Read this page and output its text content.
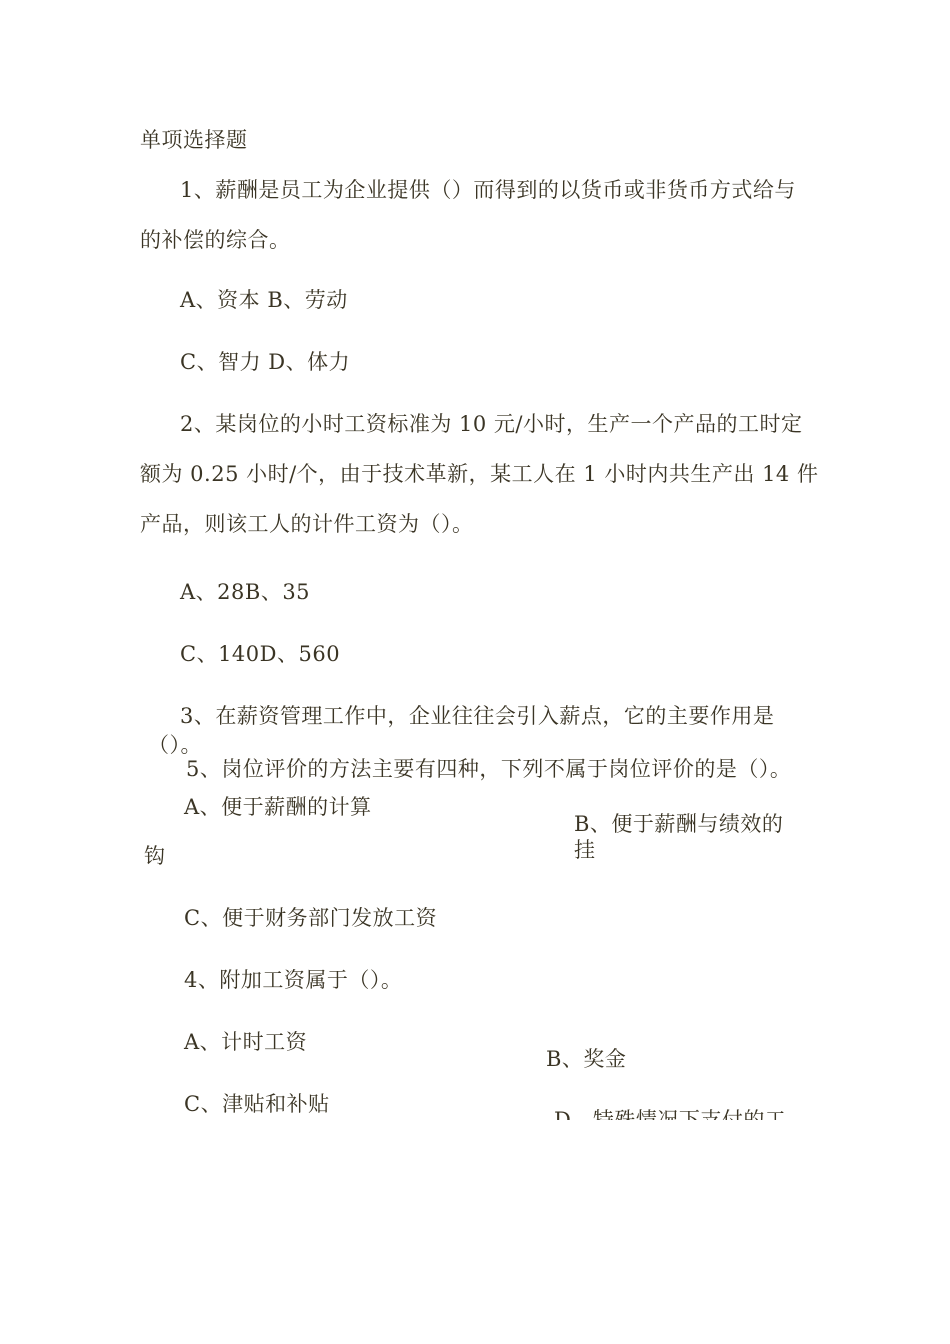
单项选择题
1、薪酬是员工为企业提供（）而得到的以货币或非货币方式给与
的补偿的综合。
A、资本 B、劳动
C、智力 D、体力
2、某岗位的小时工资标准为 10 元/小时，生产一个产品的工时定
额为 0.25 小时/个，由于技术革新，某工人在 1 小时内共生产出 14 件
产品，则该工人的计件工资为（）。
A、28B、35
C、140D、560
3、在薪资管理工作中，企业往往会引入薪点，它的主要作用是
（）。
5、岗位评价的方法主要有四种，下列不属于岗位评价的是（）。
A、便于薪酬的计算
B、便于薪酬与绩效的
挂
钩
C、便于财务部门发放工资
4、附加工资属于（）。
A、计时工资
B、奖金
C、津贴和补贴
